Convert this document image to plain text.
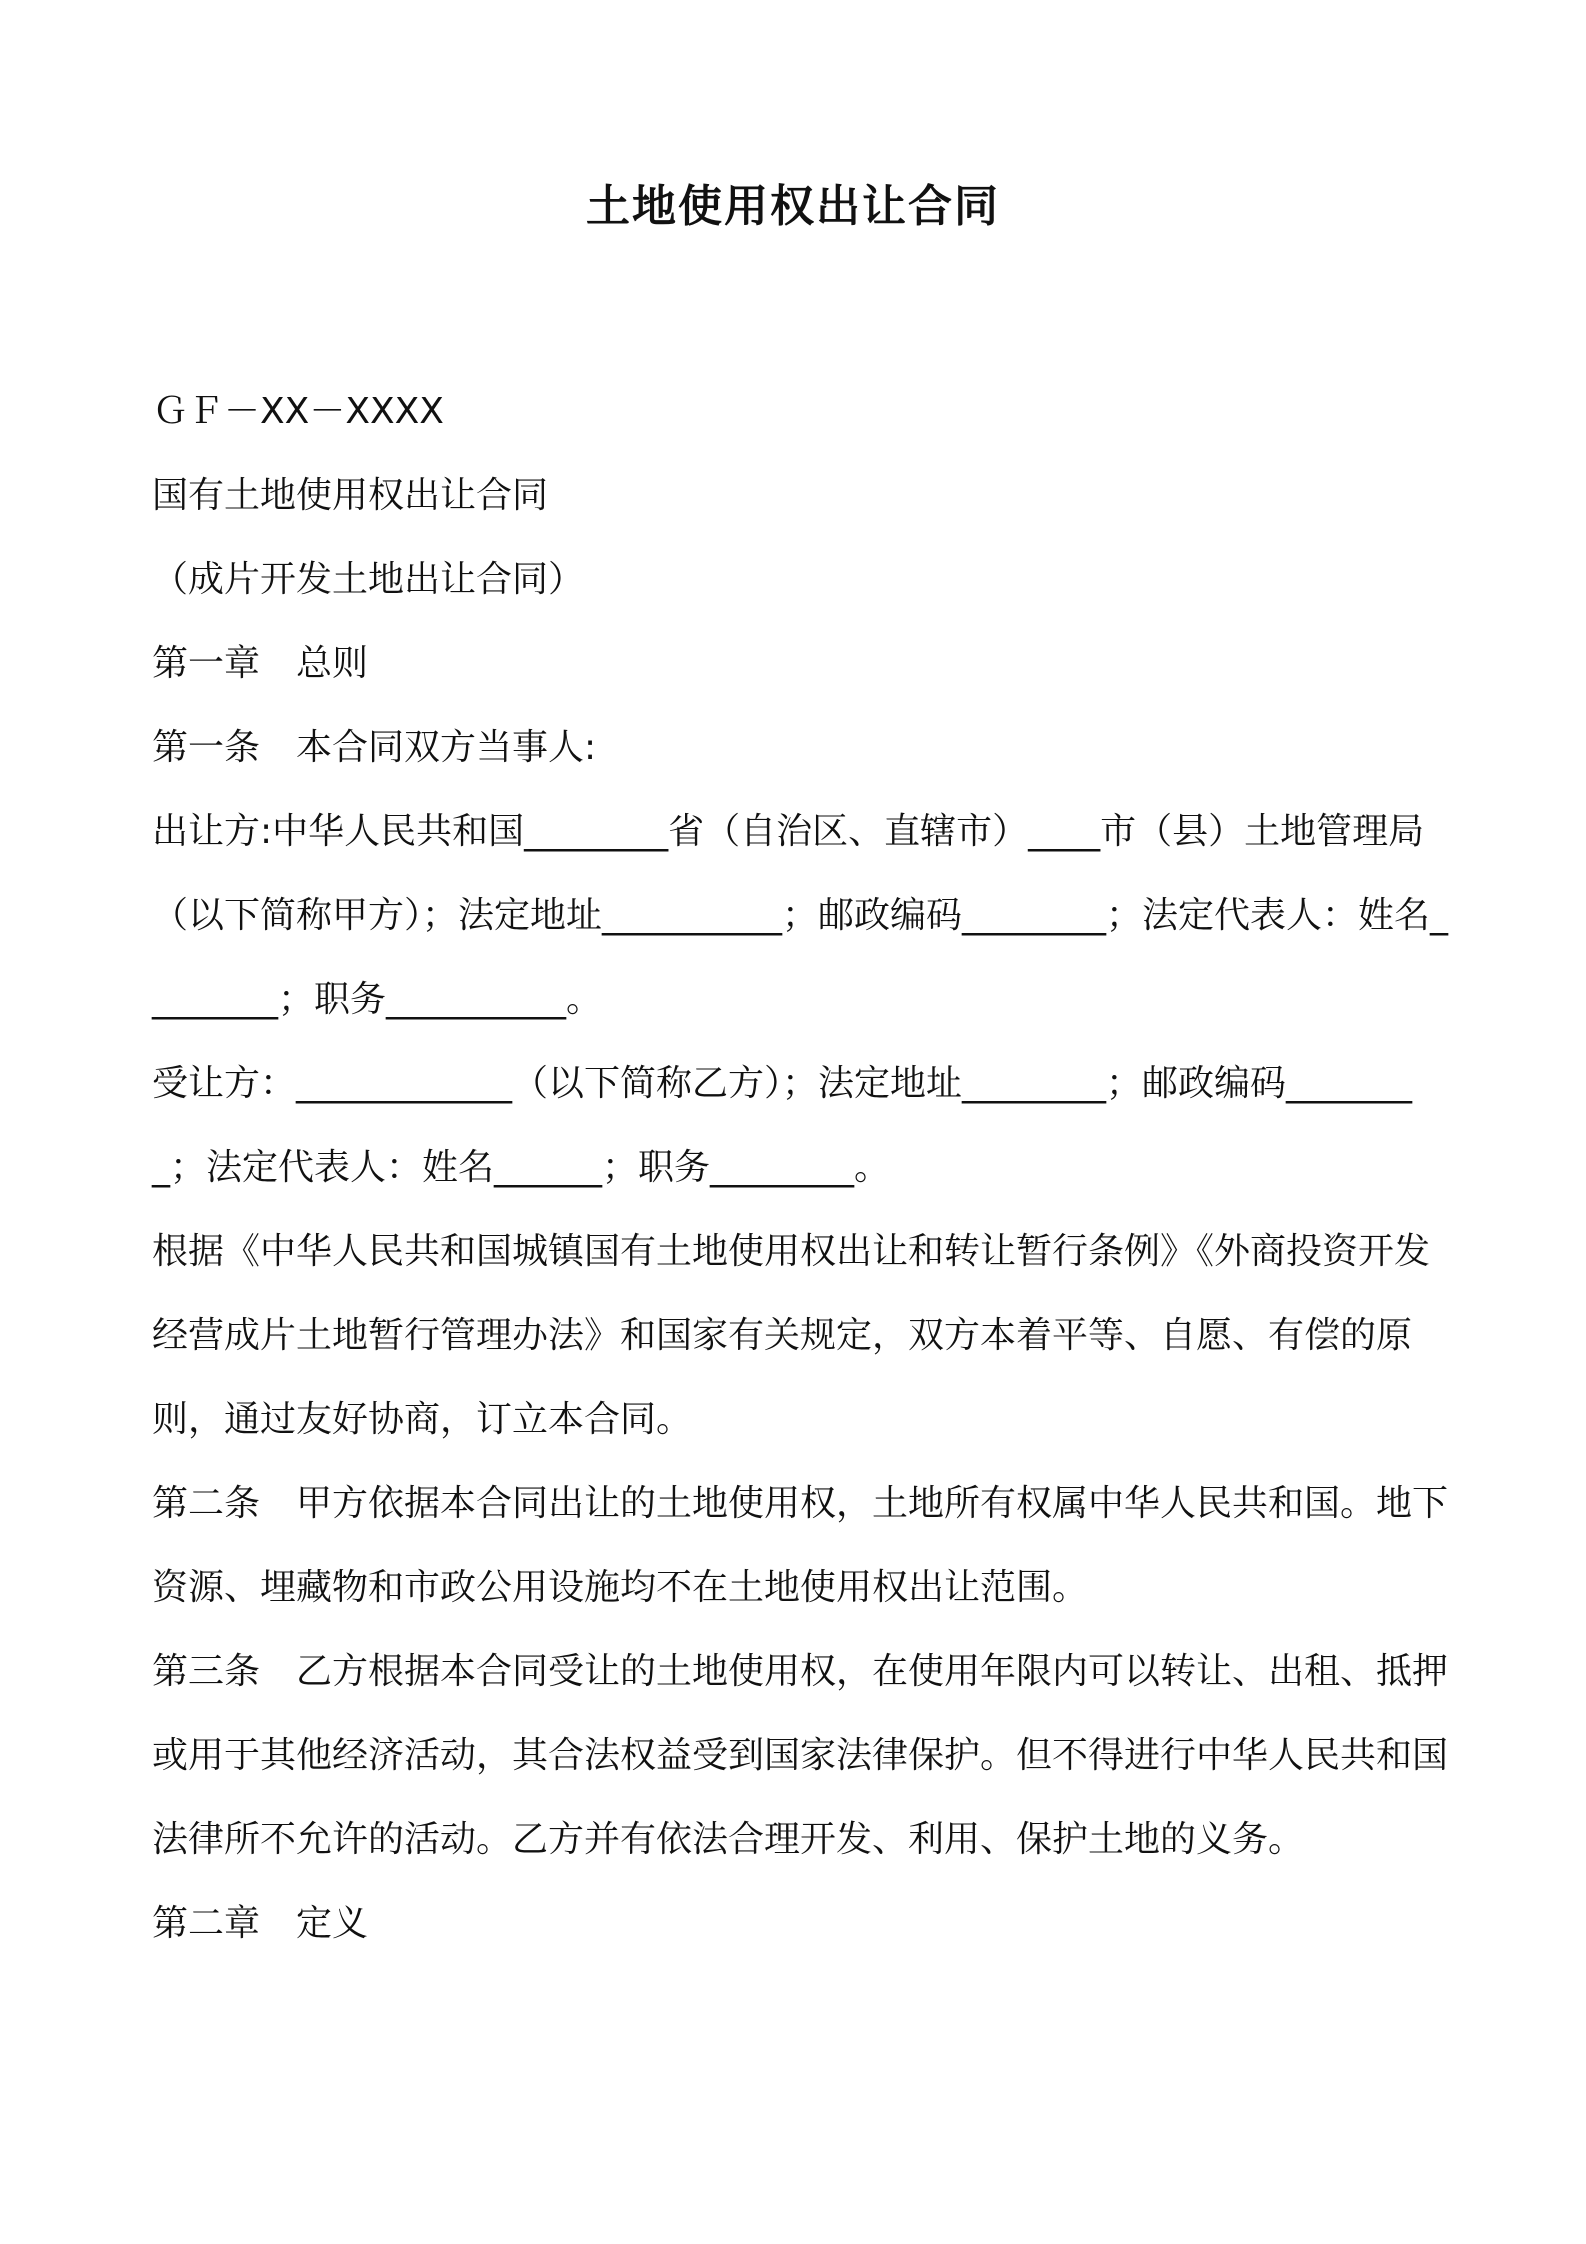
土地使用权出让合同

ＧＦ－XX－XXXX

国有土地使用权出让合同

（成片开发土地出让合同）

第一章　总则

第一条　本合同双方当事人:

出让方:中华人民共和国________省（自治区、直辖市）____市（县）土地管理局（以下简称甲方）；法定地址__________；邮政编码________；法定代表人：姓名________；职务__________。

受让方：____________（以下简称乙方）；法定地址________；邮政编码________；法定代表人：姓名______；职务________。

根据《中华人民共和国城镇国有土地使用权出让和转让暂行条例》《外商投资开发经营成片土地暂行管理办法》和国家有关规定，双方本着平等、自愿、有偿的原则，通过友好协商，订立本合同。

第二条　甲方依据本合同出让的土地使用权，土地所有权属中华人民共和国。地下资源、埋藏物和市政公用设施均不在土地使用权出让范围。

第三条　乙方根据本合同受让的土地使用权，在使用年限内可以转让、出租、抵押或用于其他经济活动，其合法权益受到国家法律保护。但不得进行中华人民共和国法律所不允许的活动。乙方并有依法合理开发、利用、保护土地的义务。

第二章　定义
